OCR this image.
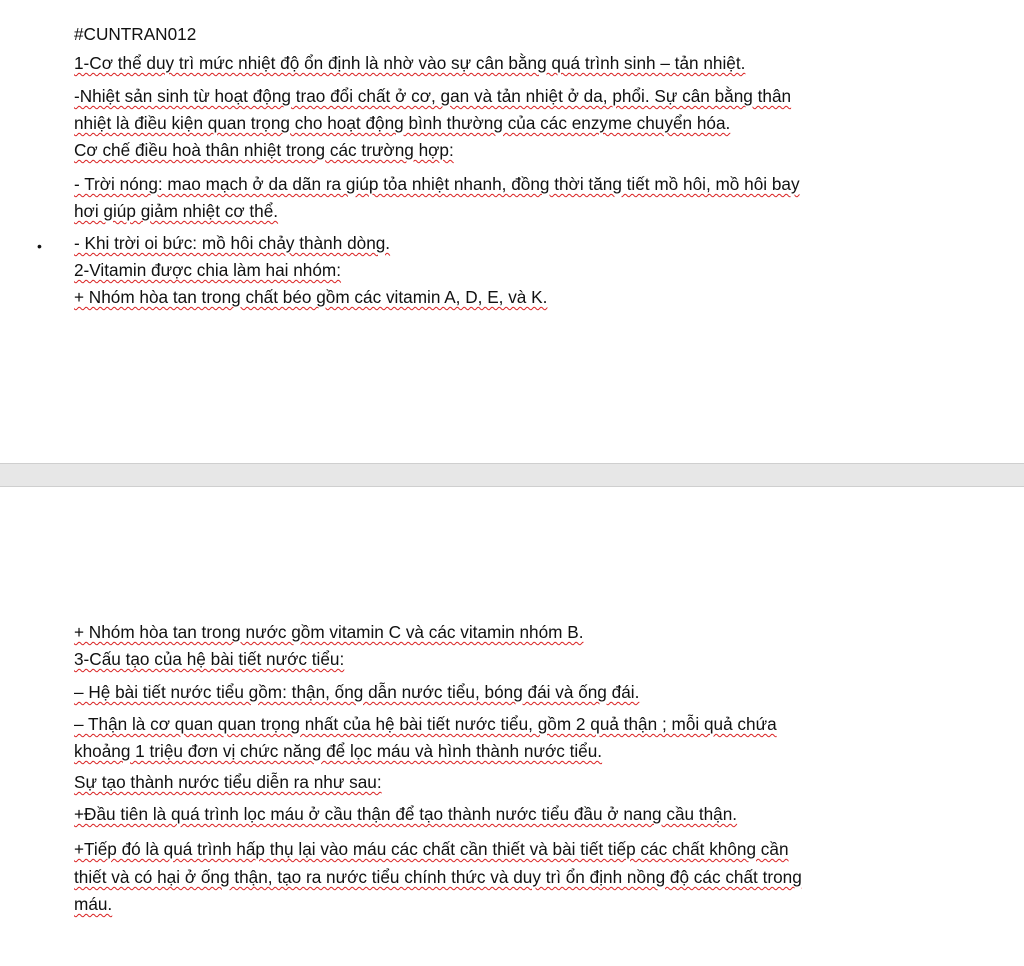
#CUNTRAN012
1-Cơ thể duy trì mức nhiệt độ ổn định là nhờ vào sự cân bằng quá trình sinh – tản nhiệt.
-Nhiệt sản sinh từ hoạt động trao đổi chất ở cơ, gan và tản nhiệt ở da, phổi. Sự cân bằng thân
nhiệt là điều kiện quan trọng cho hoạt động bình thường của các enzyme chuyển hóa.
Cơ chế điều hoà thân nhiệt trong các trường hợp:
- Trời nóng: mao mạch ở da dãn ra giúp tỏa nhiệt nhanh, đồng thời tăng tiết mồ hôi, mồ hôi bay
hơi giúp giảm nhiệt cơ thể.
• - Khi trời oi bức: mồ hôi chảy thành dòng.
2-Vitamin được chia làm hai nhóm:
+ Nhóm hòa tan trong chất béo gồm các vitamin A, D, E, và K.
+ Nhóm hòa tan trong nước gồm vitamin C và các vitamin nhóm B.
3-Cấu tạo của hệ bài tiết nước tiểu:
– Hệ bài tiết nước tiểu gồm: thận, ống dẫn nước tiểu, bóng đái và ống đái.
– Thận là cơ quan quan trọng nhất của hệ bài tiết nước tiểu, gồm 2 quả thận ; mỗi quả chứa
khoảng 1 triệu đơn vị chức năng để lọc máu và hình thành nước tiểu.
Sự tạo thành nước tiểu diễn ra như sau:
+Đầu tiên là quá trình lọc máu ở cầu thận để tạo thành nước tiểu đầu ở nang cầu thận.
+Tiếp đó là quá trình hấp thụ lại vào máu các chất cần thiết và bài tiết tiếp các chất không cần
thiết và có hại ở ống thận, tạo ra nước tiểu chính thức và duy trì ổn định nồng độ các chất trong
máu.
